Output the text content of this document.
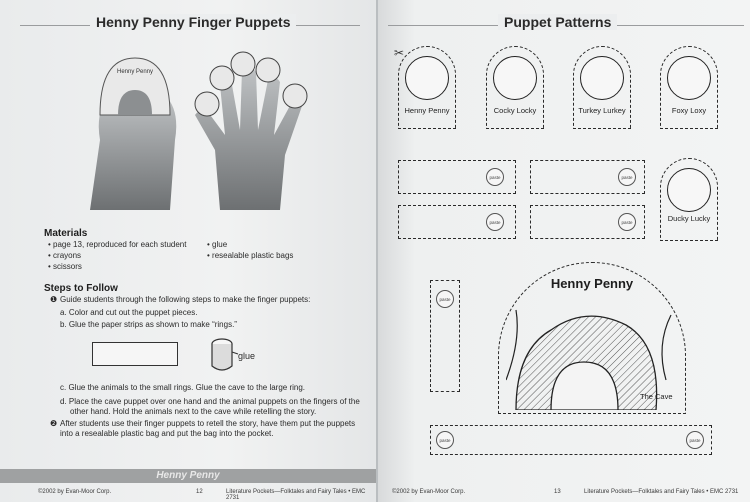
Henny Penny Finger Puppets
Henny Penny
Materials
• page 13, reproduced for each student
• crayons
• scissors
• glue
• resealable plastic bags
Steps to Follow
❶ Guide students through the following steps to make the finger puppets:
a. Color and cut out the puppet pieces.
b. Glue the paper strips as shown to make “rings.”
glue
c. Glue the animals to the small rings. Glue the cave to the large ring.
d. Place the cave puppet over one hand and the animal puppets on the fingers of the
other hand. Hold the animals next to the cave while retelling the story.
❷ After students use their finger puppets to retell the story, have them put the puppets
into a resealable plastic bag and put the bag into the pocket.
Henny Penny
©2002 by Evan-Moor Corp.	12	Literature Pockets—Folktales and Fairy Tales • EMC 2731
Puppet Patterns
✂
Henny Penny	Cocky Locky	Turkey Lurkey	Foxy Loxy
paste
paste
paste
paste	Ducky Lucky
paste
Henny Penny
The Cave
paste	paste
©2002 by Evan-Moor Corp.	13	Literature Pockets—Folktales and Fairy Tales • EMC 2731
